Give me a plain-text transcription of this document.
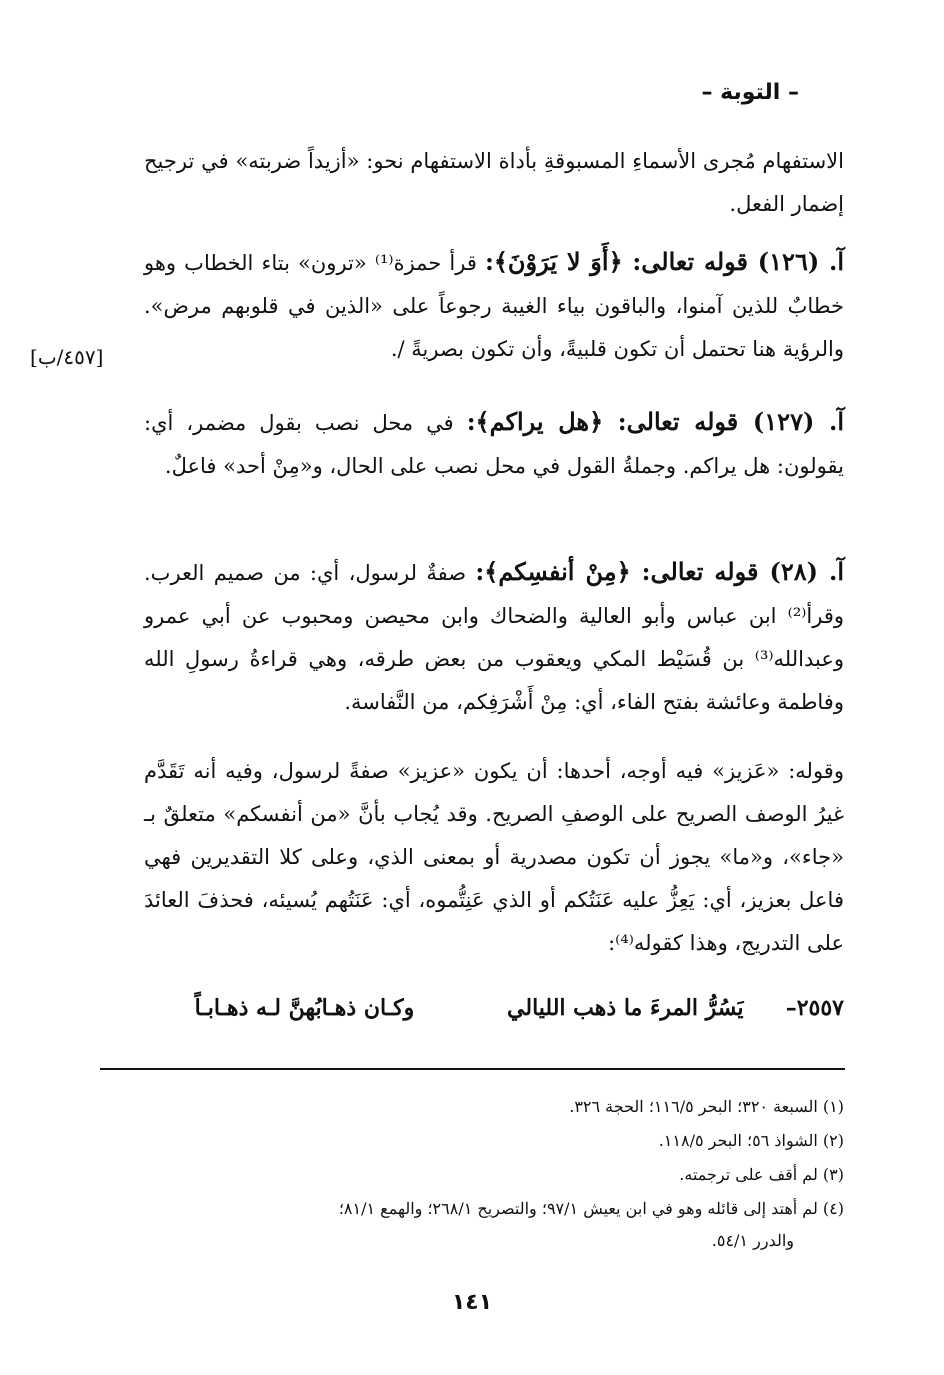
– التوبة –
الاستفهام مُجرى الأسماءِ المسبوقةِ بأداة الاستفهام نحو: «أزيداً ضربته» في ترجيح إضمار الفعل.
آ. (١٢٦) قوله تعالى: ﴿أَوَ لا يَرَوْنَ﴾: قرأ حمزة⁽¹⁾ «ترون» بتاء الخطاب وهو خطابٌ للذين آمنوا، والباقون بياء الغيبة رجوعاً على «الذين في قلوبهم مرض». والرؤية هنا تحتمل أن تكون قلبيةً، وأن تكون بصريةً /.
[٤٥٧/ب]
آ. (١٢٧) قوله تعالى: ﴿هل يراكم﴾: في محل نصب بقول مضمر، أي: يقولون: هل يراكم. وجملةُ القول في محل نصب على الحال، و«مِنْ أحد» فاعلٌ.
آ. (٢٨) قوله تعالى: ﴿مِنْ أنفسِكم﴾: صفةٌ لرسول، أي: من صميم العرب. وقرأ⁽²⁾ ابن عباس وأبو العالية والضحاك وابن محيصن ومحبوب عن أبي عمرو وعبدالله⁽³⁾ بن قُسَيْط المكي ويعقوب من بعض طرقه، وهي قراءةُ رسولِ الله وفاطمة وعائشة بفتح الفاء، أي: مِنْ أَشْرَفِكم، من النَّفاسة.
وقوله: «عَزيز» فيه أوجه، أحدها: أن يكون «عزيز» صفةً لرسول، وفيه أنه تَقَدَّم غيرُ الوصف الصريح على الوصفِ الصريح. وقد يُجاب بأنَّ «من أنفسكم» متعلقٌ بـ «جاء»، و«ما» يجوز أن تكون مصدرية أو بمعنى الذي، وعلى كلا التقديرين فهي فاعل بعزيز، أي: يَعِزُّ عليه عَنَتُكم أو الذي عَنِتُّموه، أي: عَنَتُهم يُسيئه، فحذفَ العائدَ على التدريج، وهذا كقوله⁽⁴⁾:
٢٥٥٧–
يَسُرُّ المرءَ ما ذهب الليالي
وكـان ذهـابُهنَّ لـه ذهـابـاً
(١) السبعة ٣٢٠؛ البحر ١١٦/٥؛ الحجة ٣٢٦.
(٢) الشواذ ٥٦؛ البحر ١١٨/٥.
(٣) لم أقف على ترجمته.
(٤) لم أهتد إلى قائله وهو في ابن يعيش ٩٧/١؛ والتصريح ٢٦٨/١؛ والهمع ٨١/١؛
والدرر ٥٤/١.
١٤١
